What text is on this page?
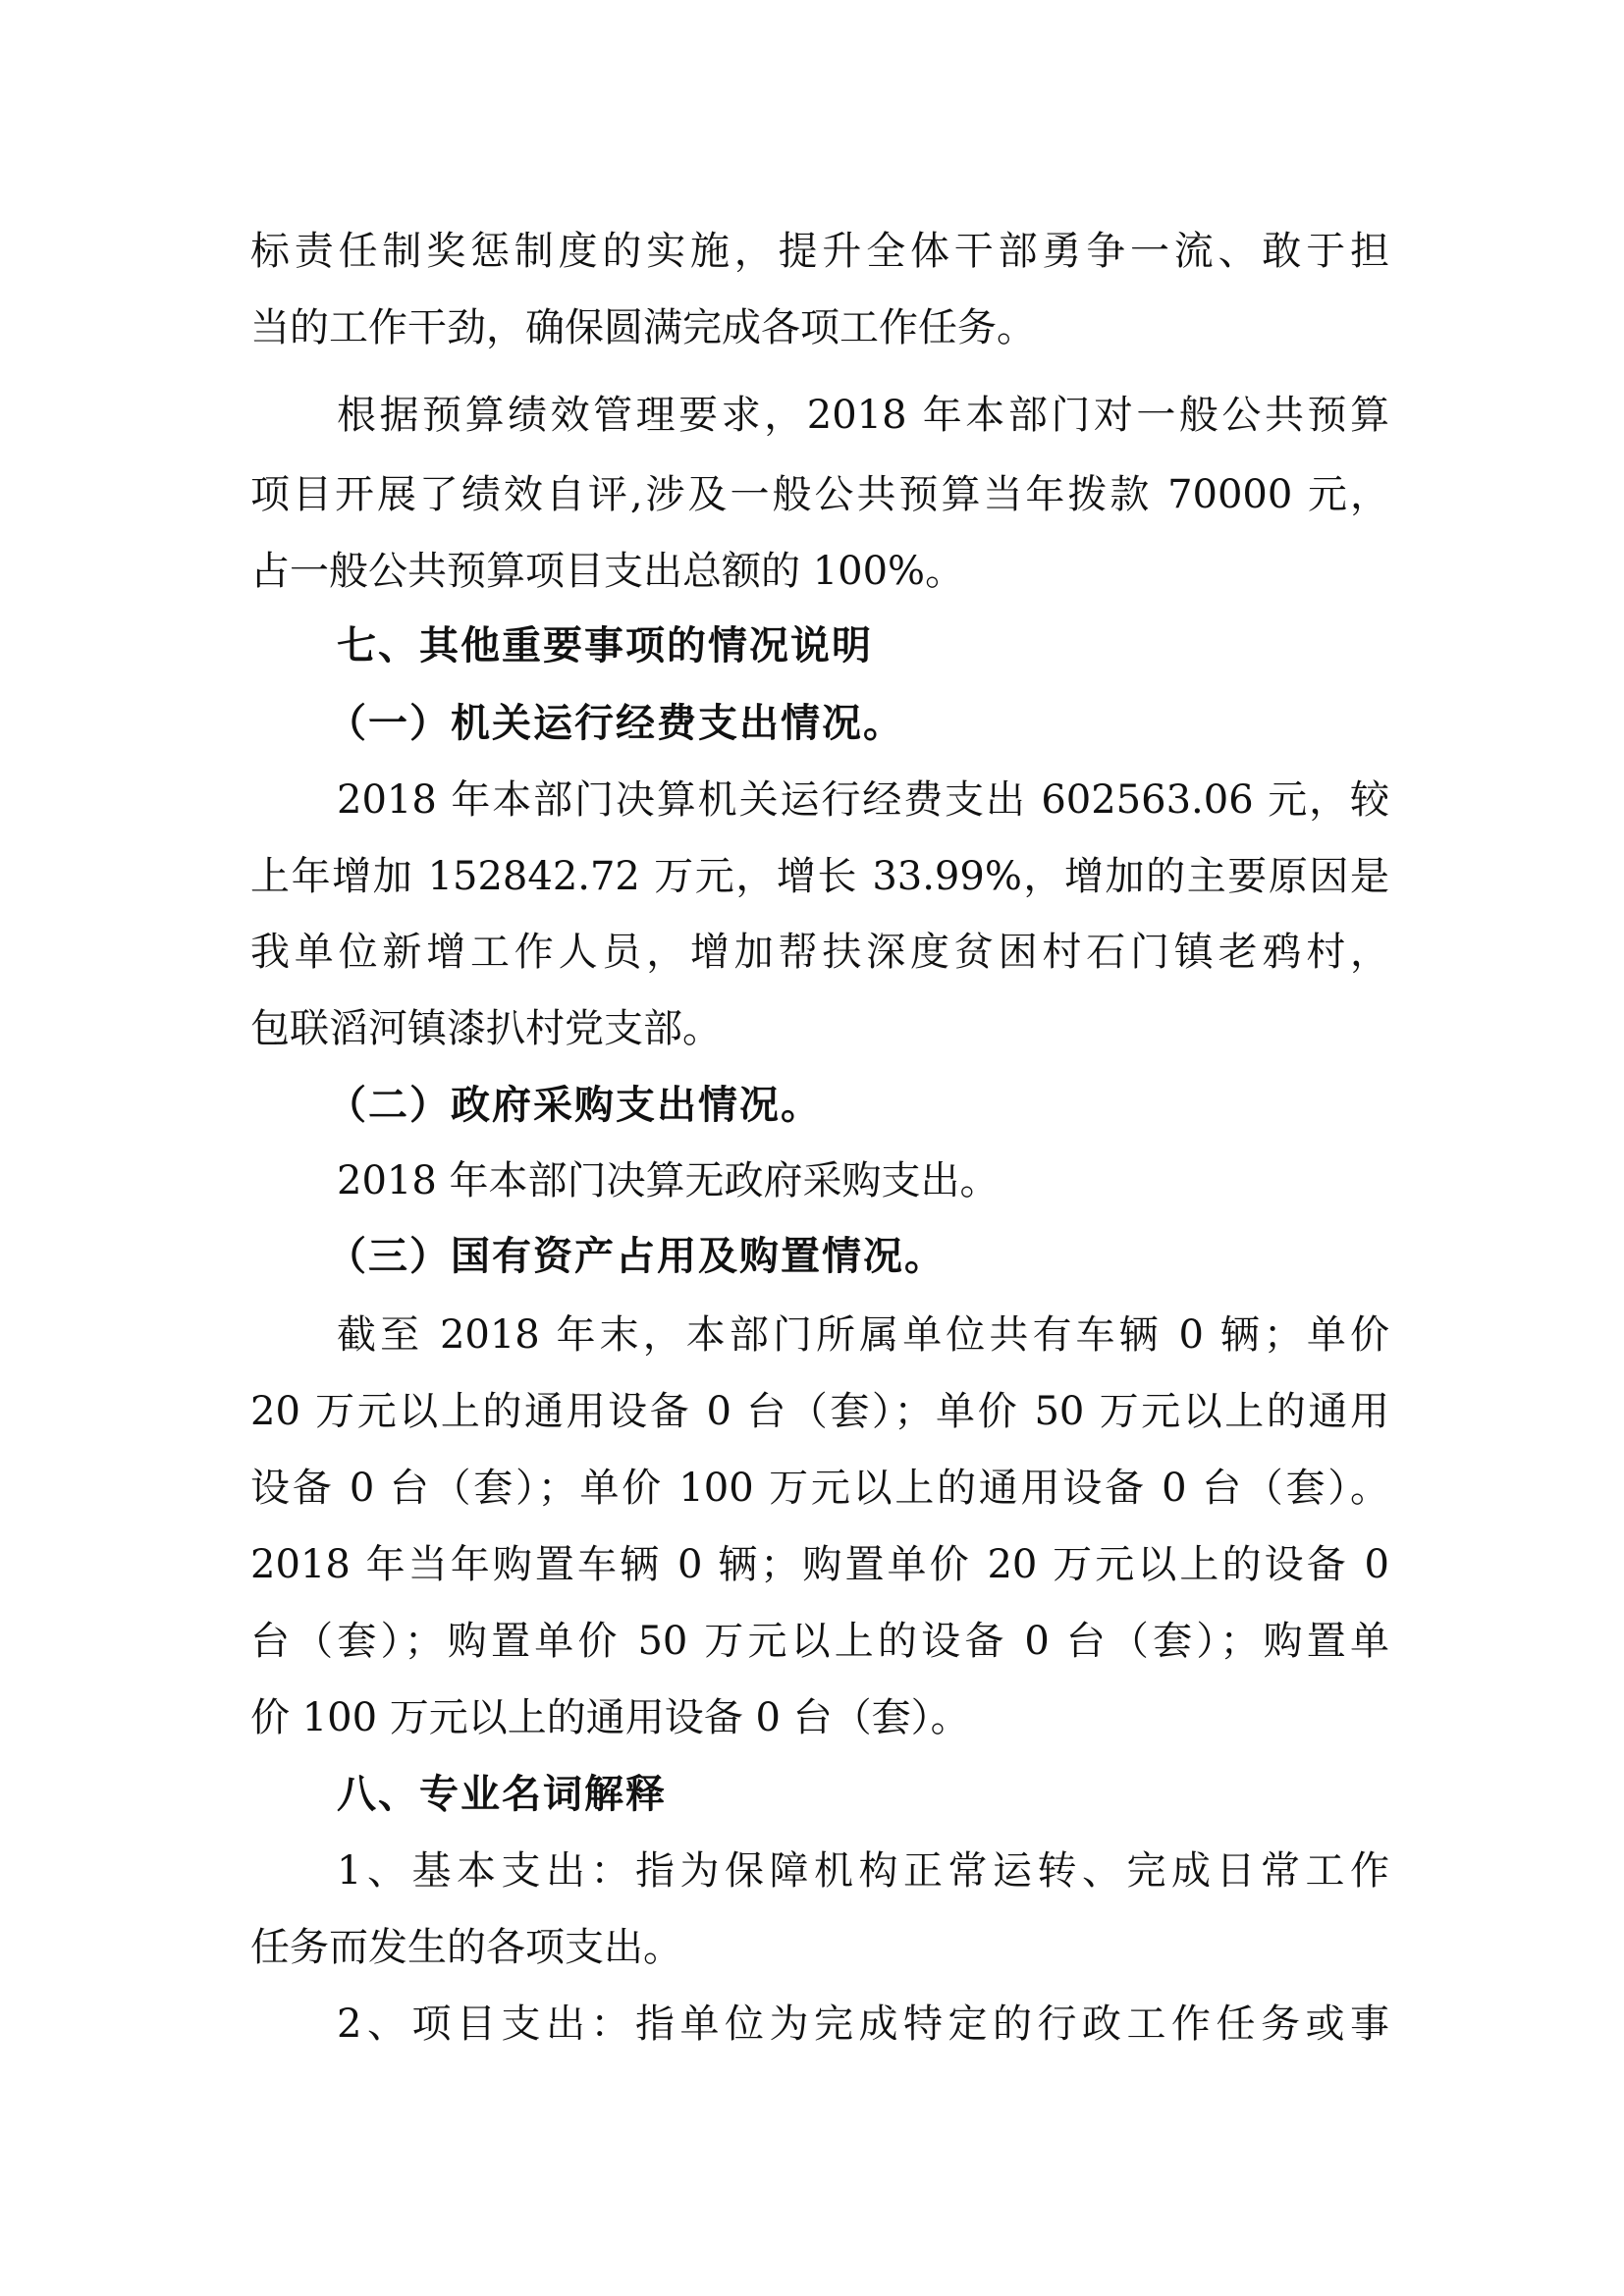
标责任制奖惩制度的实施，提升全体干部勇争一流、敢于担
当的工作干劲，确保圆满完成各项工作任务。
根据预算绩效管理要求，2018 年本部门对一般公共预算
项目开展了绩效自评,涉及一般公共预算当年拨款 70000 元，
占一般公共预算项目支出总额的 100%。
七、其他重要事项的情况说明
（一）机关运行经费支出情况。
2018 年本部门决算机关运行经费支出 602563.06 元，较
上年增加 152842.72 万元，增长 33.99%，增加的主要原因是
我单位新增工作人员，增加帮扶深度贫困村石门镇老鸦村，
包联滔河镇漆扒村党支部。
（二）政府采购支出情况。
2018 年本部门决算无政府采购支出。
（三）国有资产占用及购置情况。
截至 2018 年末，本部门所属单位共有车辆 0 辆；单价
20 万元以上的通用设备 0 台（套）；单价 50 万元以上的通用
设备 0 台（套）；单价 100 万元以上的通用设备 0 台（套）。
2018 年当年购置车辆 0 辆；购置单价 20 万元以上的设备 0
台（套）；购置单价 50 万元以上的设备 0 台（套）；购置单
价 100 万元以上的通用设备 0 台（套）。
八、专业名词解释
1、基本支出：指为保障机构正常运转、完成日常工作
任务而发生的各项支出。
2、项目支出：指单位为完成特定的行政工作任务或事
